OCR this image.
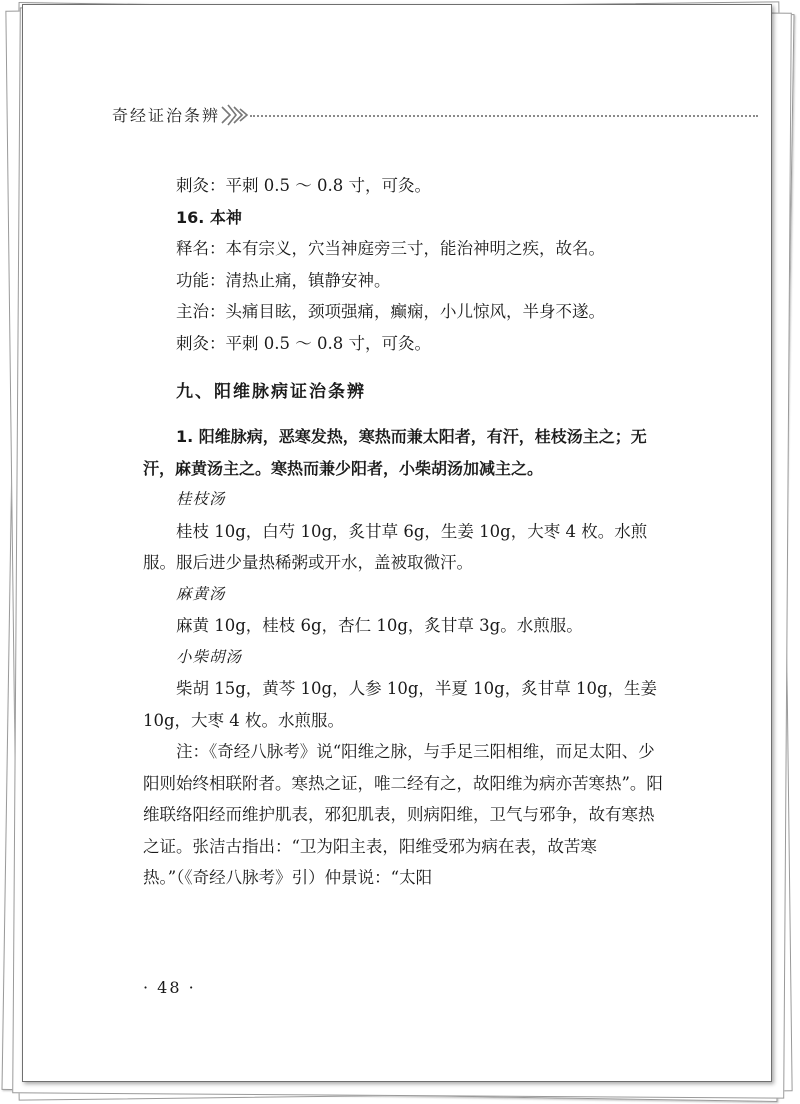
奇经证治条辨

刺灸：平刺 0.5 ～ 0.8 寸，可灸。

16. 本神

释名：本有宗义，穴当神庭旁三寸，能治神明之疾，故名。

功能：清热止痛，镇静安神。

主治：头痛目眩，颈项强痛，癫痫，小儿惊风，半身不遂。

刺灸：平刺 0.5 ～ 0.8 寸，可灸。

九、阳维脉病证治条辨

1. 阳维脉病，恶寒发热，寒热而兼太阳者，有汗，桂枝汤主之；无汗，麻黄汤主之。寒热而兼少阳者，小柴胡汤加减主之。

桂枝汤

桂枝 10g，白芍 10g，炙甘草 6g，生姜 10g，大枣 4 枚。水煎服。服后进少量热稀粥或开水，盖被取微汗。

麻黄汤

麻黄 10g，桂枝 6g，杏仁 10g，炙甘草 3g。水煎服。

小柴胡汤

柴胡 15g，黄芩 10g，人参 10g，半夏 10g，炙甘草 10g，生姜 10g，大枣 4 枚。水煎服。

注：《奇经八脉考》说“阳维之脉，与手足三阳相维，而足太阳、少阳则始终相联附者。寒热之证，唯二经有之，故阳维为病亦苦寒热”。阳维联络阳经而维护肌表，邪犯肌表，则病阳维，卫气与邪争，故有寒热之证。张洁古指出：“卫为阳主表，阳维受邪为病在表，故苦寒热。”（《奇经八脉考》引）仲景说：“太阳

· 48 ·
